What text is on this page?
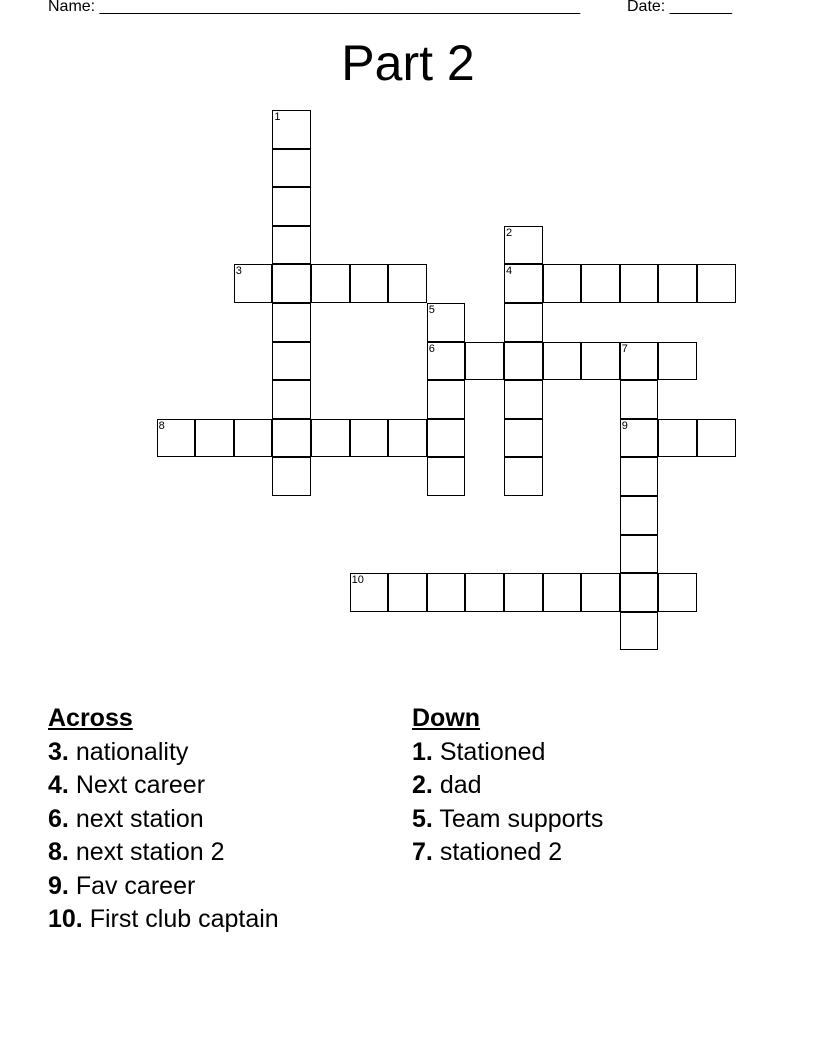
Name: ______________________________________________________	Date: _______
Part 2
1
2
4
3
5
6	7
9
8
10
Across
3. nationality
4. Next career
6. next station
8. next station 2
9. Fav career
10. First club captain
Down
1. Stationed
2. dad
5. Team supports
7. stationed 2
